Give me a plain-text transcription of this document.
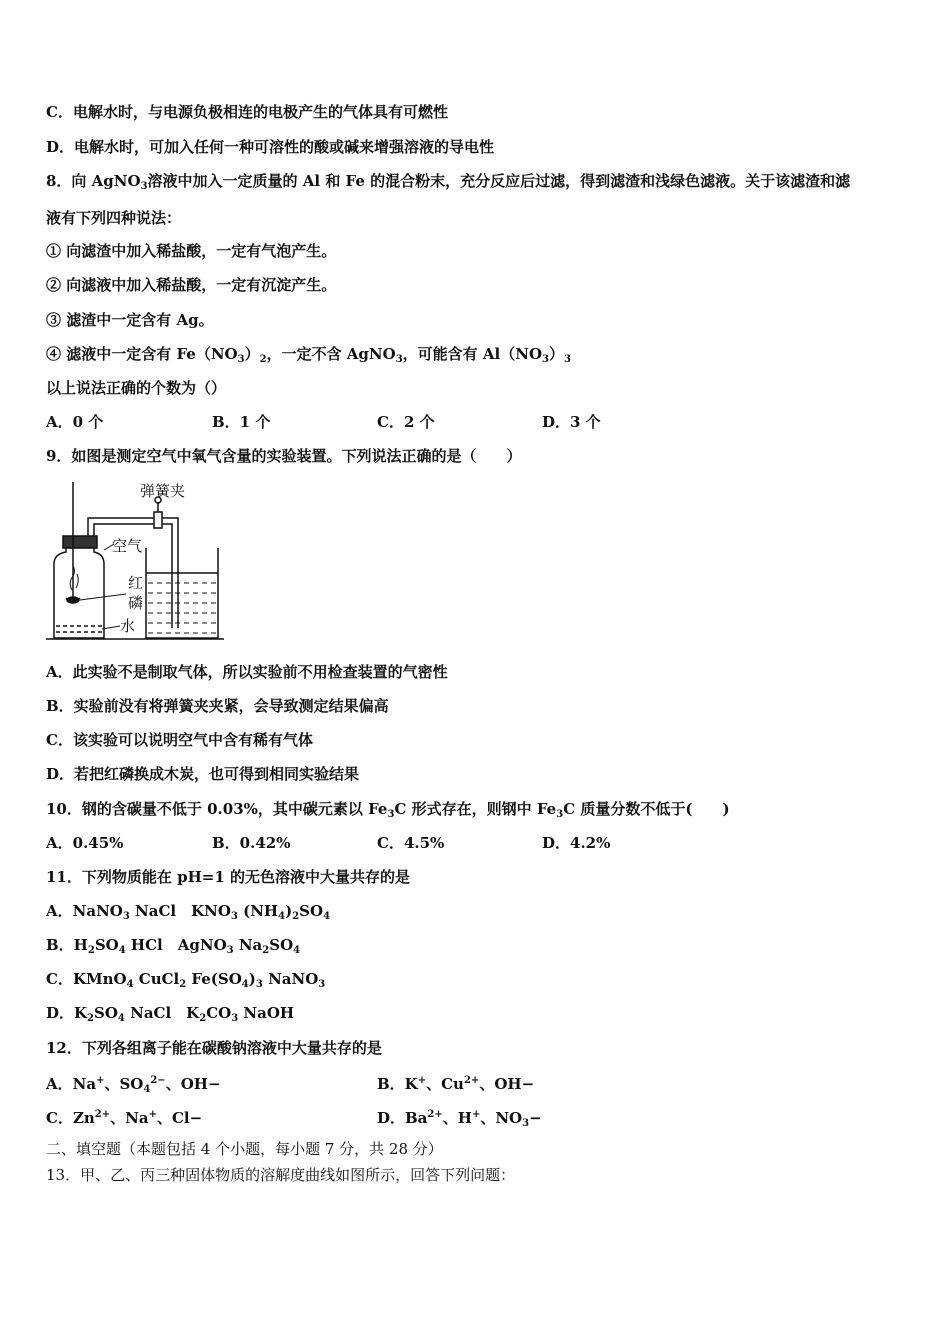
C．电解水时，与电源负极相连的电极产生的气体具有可燃性
D．电解水时，可加入任何一种可溶性的酸或碱来增强溶液的导电性
8．向 AgNO$_3$溶液中加入一定质量的 Al 和 Fe 的混合粉末，充分反应后过滤，得到滤渣和浅绿色滤液。关于该滤渣和滤
液有下列四种说法：
① 向滤渣中加入稀盐酸，一定有气泡产生。
② 向滤液中加入稀盐酸，一定有沉淀产生。
③ 滤渣中一定含有 Ag。
④ 滤液中一定含有 $Fe(NO_3)_2$，一定不含 AgNO$_3$，可能含有 $Al(NO_3)_3$
以上说法正确的个数为（）
A．0 个	B．1 个	C．2 个	D．3 个
9．如图是测定空气中氧气含量的实验装置。下列说法正确的是（　　）
弹簧夹
空气
红
磷
水
A．此实验不是制取气体，所以实验前不用检查装置的气密性
B．实验前没有将弹簧夹夹紧，会导致测定结果偏高
C．该实验可以说明空气中含有稀有气体
D．若把红磷换成木炭，也可得到相同实验结果
10．钢的含碳量不低于 0.03%，其中碳元素以 $Fe_3C$ 形式存在，则钢中 $Fe_3C$ 质量分数不低于(　　)
A．0.45%	B．0.42%	C．4.5%	D．4.2%
11．下列物质能在 pH=1 的无色溶液中大量共存的是
A．NaNO$_3$ NaCl　$KNO_3$ $(NH_4)_2SO_4$
B．$H_2SO_4$ HCl　AgNO$_3$ $Na_2SO_4$
C．KMnO$_4$ CuCl$_2$ $Fe(SO_4)_3$ NaNO$_3$
D．$K_2SO_4$ NaCl　$K_2CO_3$ NaOH
12．下列各组离子能在碳酸钠溶液中大量共存的是
A．Na+、$SO_4^{2-}$、OH−	B．K+、$Cu^{2+}$、OH−
C．$Zn^{2+}$、Na+、Cl−	D．$Ba^{2+}$、H+、$NO_3-$
二、填空题（本题包括 4 个小题，每小题 7 分，共 28 分）
13．甲、乙、丙三种固体物质的溶解度曲线如图所示，回答下列问题：
